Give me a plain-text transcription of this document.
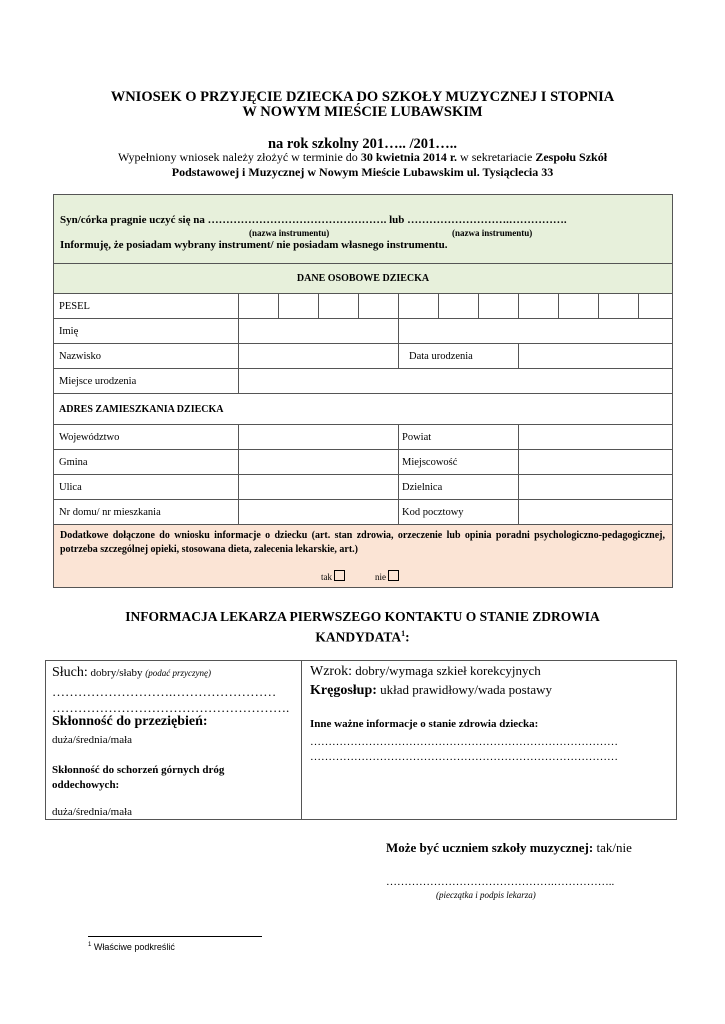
WNIOSEK O PRZYJĘCIE DZIECKA DO SZKOŁY MUZYCZNEJ I STOPNIA
W NOWYM MIEŚCIE LUBAWSKIM
na rok szkolny 201….. /201…..
Wypełniony wniosek należy złożyć w terminie do 30 kwietnia 2014 r. w sekretariacie Zespołu Szkół
Podstawowej i Muzycznej w Nowym Mieście Lubawskim ul. Tysiąclecia 33
Syn/córka pragnie uczyć się na …………………………………………. lub ……………………….…………….
(nazwa instrumentu) (nazwa instrumentu)
Informuję, że posiadam wybrany instrument/ nie posiadam własnego instrumentu.											

DANE OSOBOWE DZIECKA											
PESEL											
Imię											
Nazwisko					Data urodzenia						
Miejsce urodzenia											
ADRES ZAMIESZKANIA DZIECKA											
Województwo					Powiat						
Gmina					Miejscowość						
Ulica					Dzielnica						
Nr domu/ nr mieszkania					Kod pocztowy						

Dodatkowe dołączone do wniosku informacje o dziecku (art. stan zdrowia, orzeczenie lub opinia poradni psychologiczno-pedagogicznej, potrzeba szczególnej opieki, stosowana dieta, zalecenia lekarskie, art.)
tak nie											
INFORMACJA LEKARZA PIERWSZEGO KONTAKTU O STANIE ZDROWIA
KANDYDATA$^1$:
Słuch: dobry/słaby (podać przyczynę)
……………………….……………………
……………………………………………….
Skłonność do przeziębień:
duża/średnia/mała
Skłonność do schorzeń górnych dróg
oddechowych:
duża/średnia/mała
Wzrok: dobry/wymaga szkieł korekcyjnych
Kręgosłup: układ prawidłowy/wada postawy
Inne ważne informacje o stanie zdrowia dziecka:
…………………………………………………………………………
…………………………………………………………………………
Może być uczniem szkoły muzycznej: tak/nie
……………………………………….……………..
(pieczątka i podpis lekarza)
$^1$ Właściwe podkreślić
